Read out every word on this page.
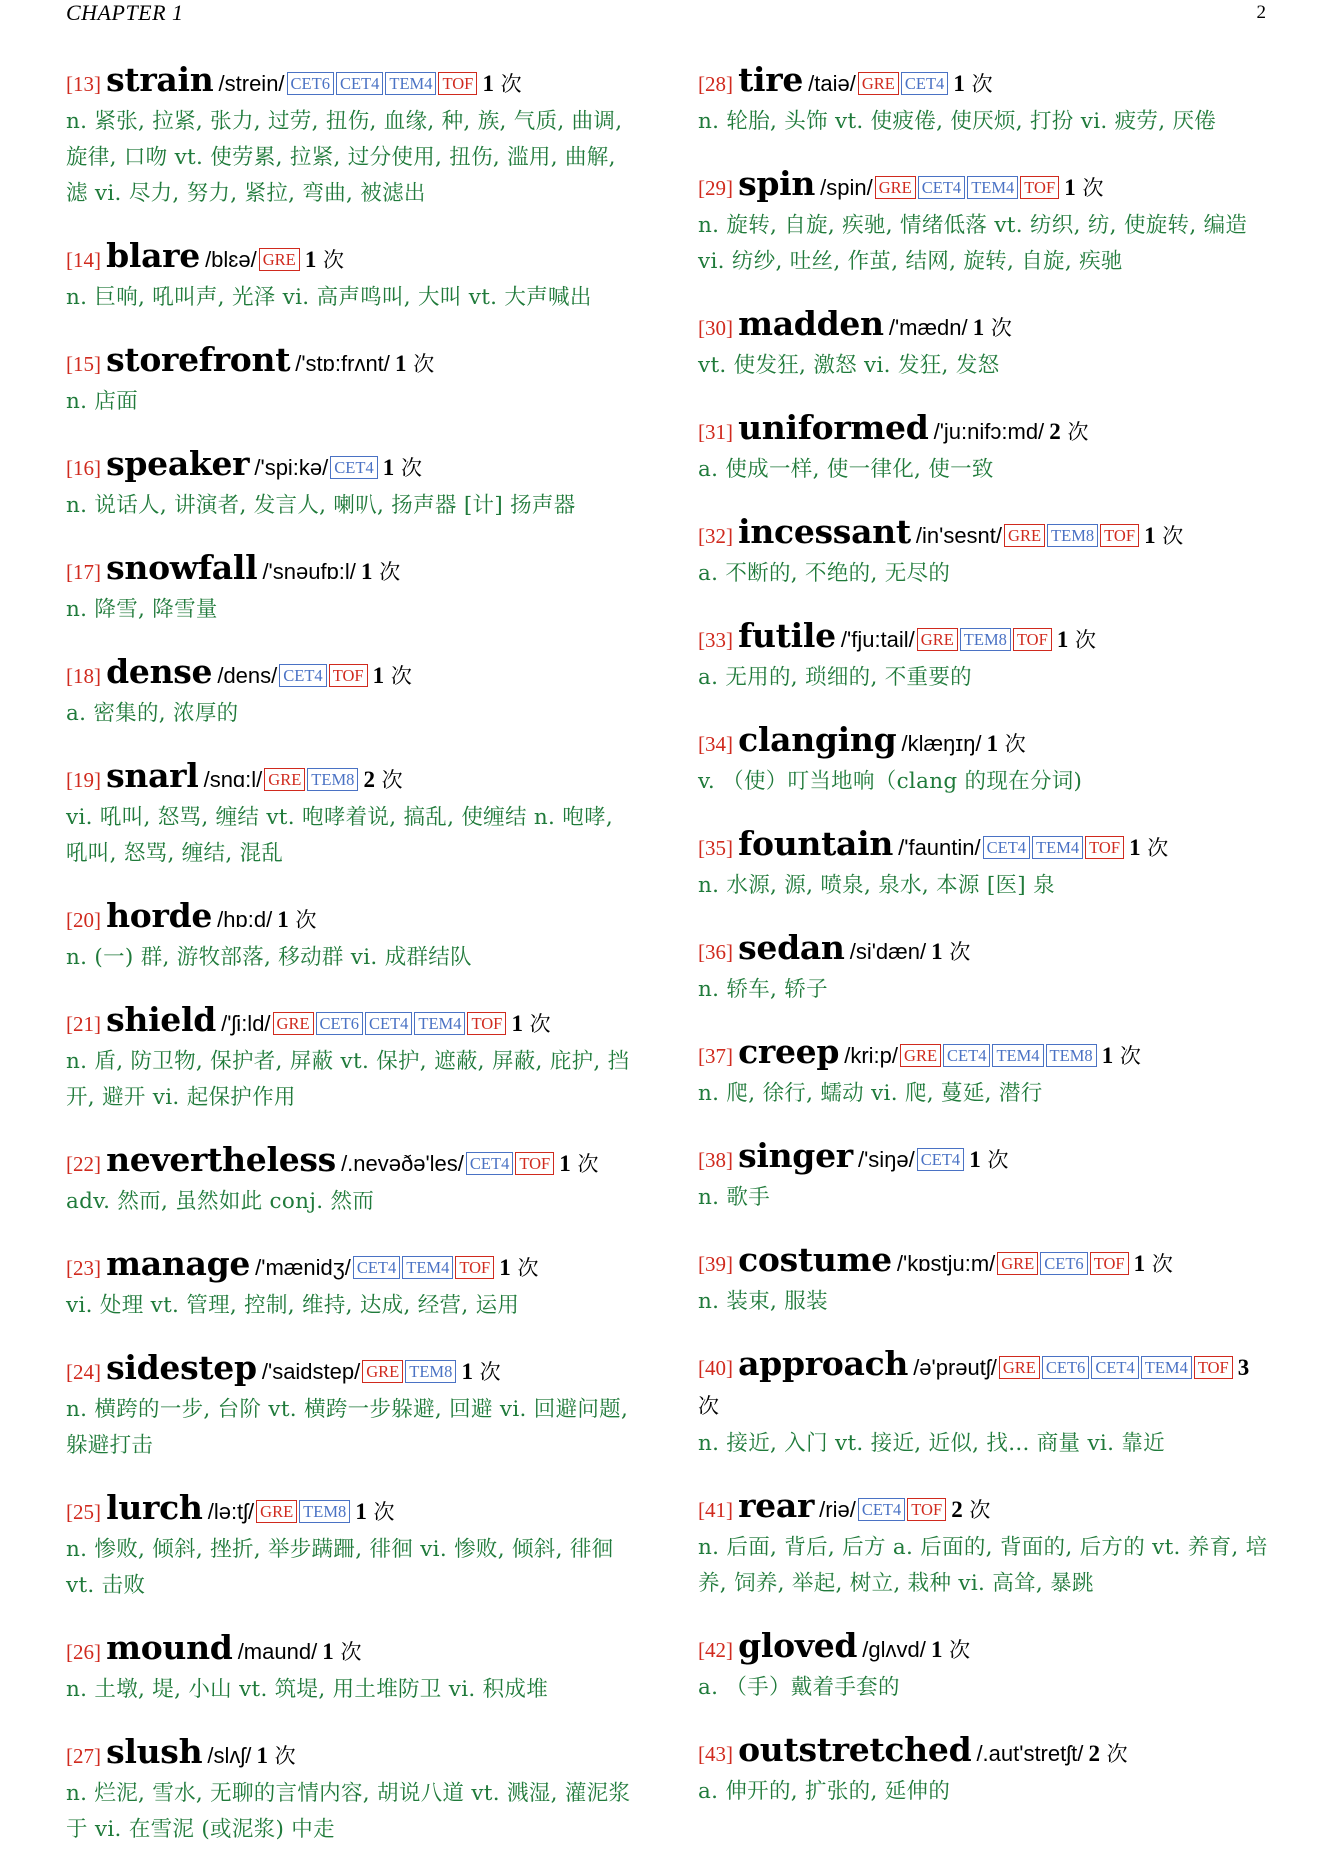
CHAPTER 1	2
[13] strain /strein/ CET6 CET4 TEM4 TOF 1 次
n. 紧张, 拉紧, 张力, 过劳, 扭伤, 血缘, 种, 族, 气质, 曲调, 旋律, 口吻 vt. 使劳累, 拉紧, 过分使用, 扭伤, 滥用, 曲解, 滤 vi. 尽力, 努力, 紧拉, 弯曲, 被滤出
[14] blare /blɛə/ GRE 1 次
n. 巨响, 吼叫声, 光泽 vi. 高声鸣叫, 大叫 vt. 大声喊出
[15] storefront /'stɒ:frʌnt/ 1 次
n. 店面
[16] speaker /'spi:kə/ CET4 1 次
n. 说话人, 讲演者, 发言人, 喇叭, 扬声器 [计] 扬声器
[17] snowfall /'snəufɒ:l/ 1 次
n. 降雪, 降雪量
[18] dense /dens/ CET4 TOF 1 次
a. 密集的, 浓厚的
[19] snarl /snɑ:l/ GRE TEM8 2 次
vi. 吼叫, 怒骂, 缠结 vt. 咆哮着说, 搞乱, 使缠结 n. 咆哮, 吼叫, 怒骂, 缠结, 混乱
[20] horde /hɒ:d/ 1 次
n. (一) 群, 游牧部落, 移动群 vi. 成群结队
[21] shield /'ʃi:ld/ GRE CET6 CET4 TEM4 TOF 1 次
n. 盾, 防卫物, 保护者, 屏蔽 vt. 保护, 遮蔽, 屏蔽, 庇护, 挡开, 避开 vi. 起保护作用
[22] nevertheless /.nevəðə'les/ CET4 TOF 1 次
adv. 然而, 虽然如此 conj. 然而
[23] manage /'mænidʒ/ CET4 TEM4 TOF 1 次
vi. 处理 vt. 管理, 控制, 维持, 达成, 经营, 运用
[24] sidestep /'saidstep/ GRE TEM8 1 次
n. 横跨的一步, 台阶 vt. 横跨一步躲避, 回避 vi. 回避问题, 躲避打击
[25] lurch /lə:tʃ/ GRE TEM8 1 次
n. 惨败, 倾斜, 挫折, 举步蹒跚, 徘徊 vi. 惨败, 倾斜, 徘徊 vt. 击败
[26] mound /maund/ 1 次
n. 土墩, 堤, 小山 vt. 筑堤, 用土堆防卫 vi. 积成堆
[27] slush /slʌʃ/ 1 次
n. 烂泥, 雪水, 无聊的言情内容, 胡说八道 vt. 溅湿, 灌泥浆于 vi. 在雪泥 (或泥浆) 中走
[28] tire /taiə/ GRE CET4 1 次
n. 轮胎, 头饰 vt. 使疲倦, 使厌烦, 打扮 vi. 疲劳, 厌倦
[29] spin /spin/ GRE CET4 TEM4 TOF 1 次
n. 旋转, 自旋, 疾驰, 情绪低落 vt. 纺织, 纺, 使旋转, 编造 vi. 纺纱, 吐丝, 作茧, 结网, 旋转, 自旋, 疾驰
[30] madden /'mædn/ 1 次
vt. 使发狂, 激怒 vi. 发狂, 发怒
[31] uniformed /'ju:nifɔ:md/ 2 次
a. 使成一样, 使一律化, 使一致
[32] incessant /in'sesnt/ GRE TEM8 TOF 1 次
a. 不断的, 不绝的, 无尽的
[33] futile /'fju:tail/ GRE TEM8 TOF 1 次
a. 无用的, 琐细的, 不重要的
[34] clanging /klæŋɪŋ/ 1 次
v. （使）叮当地响（clang 的现在分词)
[35] fountain /'fauntin/ CET4 TEM4 TOF 1 次
n. 水源, 源, 喷泉, 泉水, 本源 [医] 泉
[36] sedan /si'dæn/ 1 次
n. 轿车, 轿子
[37] creep /kri:p/ GRE CET4 TEM4 TEM8 1 次
n. 爬, 徐行, 蠕动 vi. 爬, 蔓延, 潜行
[38] singer /'siŋə/ CET4 1 次
n. 歌手
[39] costume /'kɒstju:m/ GRE CET6 TOF 1 次
n. 装束, 服装
[40] approach /ə'prəutʃ/ GRE CET6 CET4 TEM4 TOF 3 次
n. 接近, 入门 vt. 接近, 近似, 找... 商量 vi. 靠近
[41] rear /riə/ CET4 TOF 2 次
n. 后面, 背后, 后方 a. 后面的, 背面的, 后方的 vt. 养育, 培养, 饲养, 举起, 树立, 栽种 vi. 高耸, 暴跳
[42] gloved /glʌvd/ 1 次
a. （手）戴着手套的
[43] outstretched /.aut'stretʃt/ 2 次
a. 伸开的, 扩张的, 延伸的
